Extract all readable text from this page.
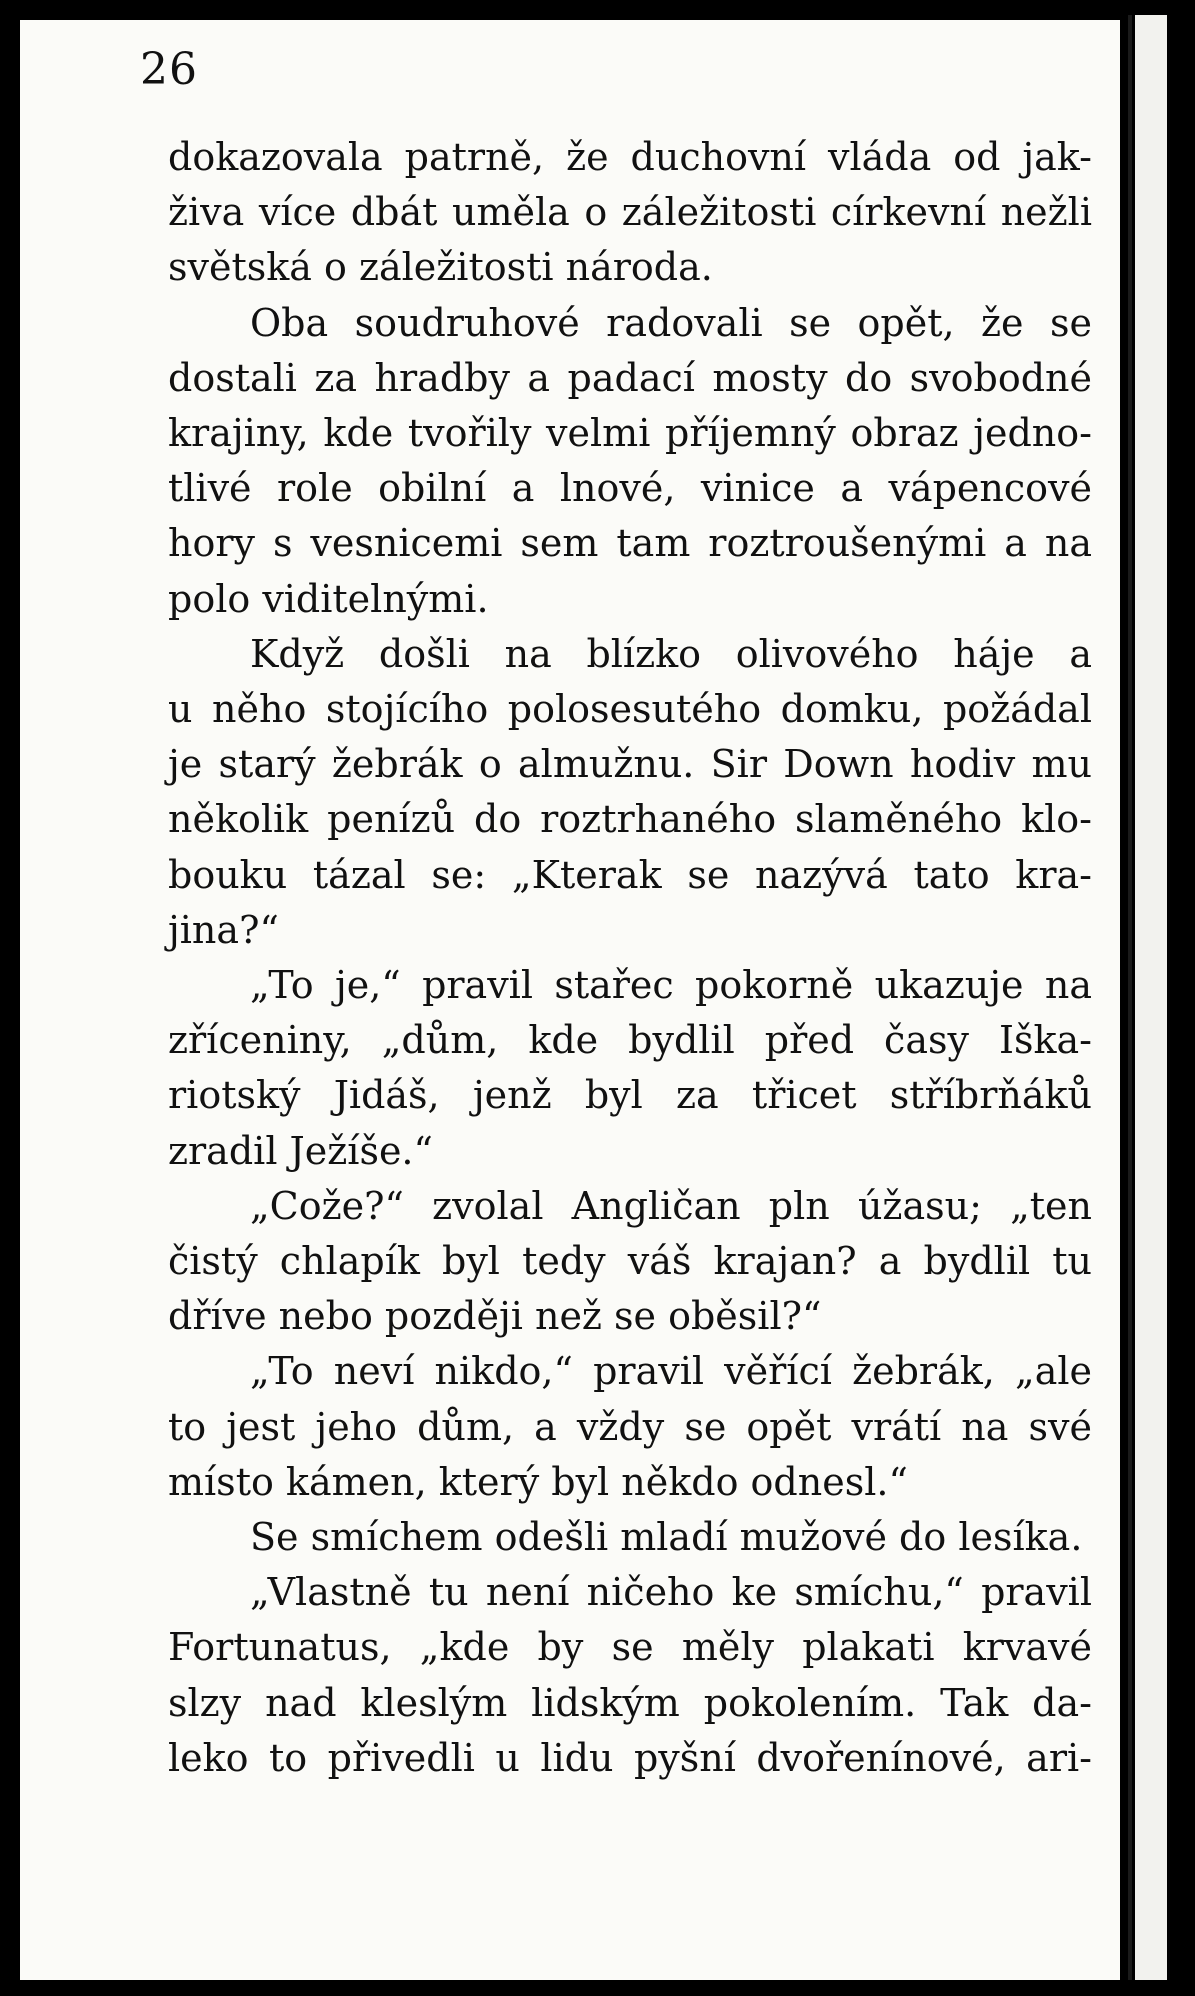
26

dokazovala patrně, že duchovní vláda od jak-
živa více dbát uměla o záležitosti církevní nežli
světská o záležitosti národa.

Oba soudruhové radovali se opět, že se
dostali za hradby a padací mosty do svobodné
krajiny, kde tvořily velmi příjemný obraz jedno-
tlivé role obilní a lnové, vinice a vápencové
hory s vesnicemi sem tam roztroušenými a na
polo viditelnými.

Když došli na blízko olivového háje a
u něho stojícího polosesutého domku, požádal
je starý žebrák o almužnu. Sir Down hodiv mu
několik penízů do roztrhaného slaměného klo-
bouku tázal se: „Kterak se nazývá tato kra-
jina?“

„To je,“ pravil stařec pokorně ukazuje na
zříceniny, „dům, kde bydlil před časy Iška-
riotský Jidáš, jenž byl za třicet stříbrňáků
zradil Ježíše.“

„Cože?“ zvolal Angličan pln úžasu; „ten
čistý chlapík byl tedy váš krajan? a bydlil tu
dříve nebo později než se oběsil?“

„To neví nikdo,“ pravil věřící žebrák, „ale
to jest jeho dům, a vždy se opět vrátí na své
místo kámen, který byl někdo odnesl.“

Se smíchem odešli mladí mužové do lesíka.

„Vlastně tu není ničeho ke smíchu,“ pravil
Fortunatus, „kde by se měly plakati krvavé
slzy nad kleslým lidským pokolením. Tak da-
leko to přivedli u lidu pyšní dvořenínové, ari-
